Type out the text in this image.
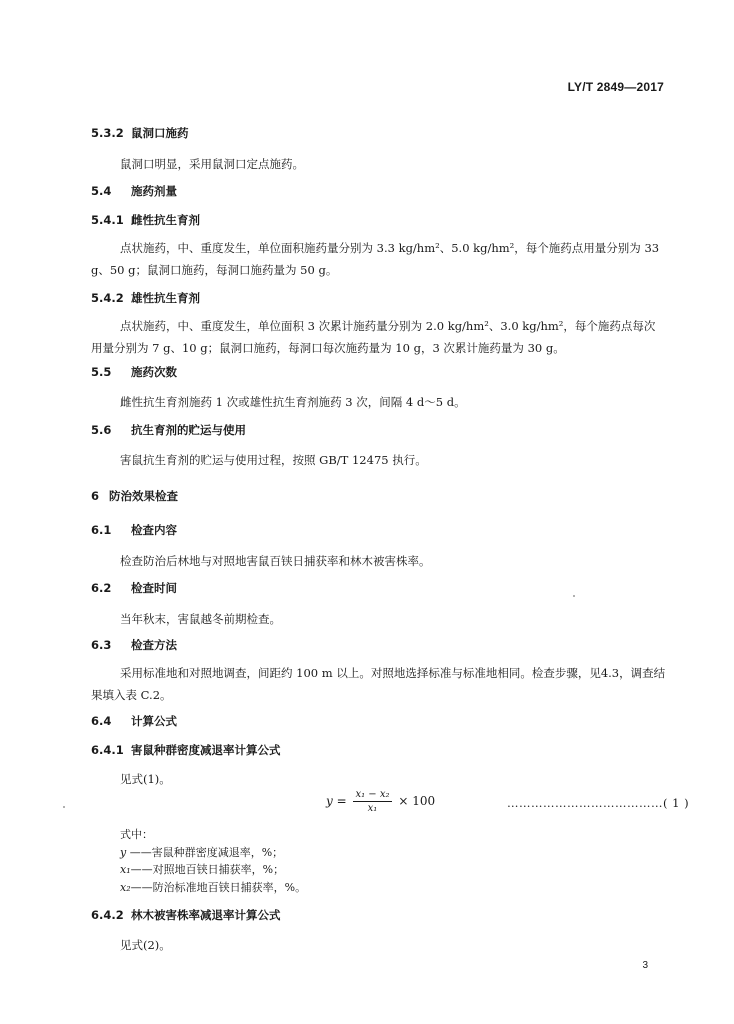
LY/T 2849—2017
5.3.2 鼠洞口施药
鼠洞口明显，采用鼠洞口定点施药。
5.4 施药剂量
5.4.1 雌性抗生育剂
点状施药，中、重度发生，单位面积施药量分别为 3.3 kg/hm²、5.0 kg/hm²，每个施药点用量分别为 33 g、50 g；鼠洞口施药，每洞口施药量为 50 g。
5.4.2 雄性抗生育剂
点状施药，中、重度发生，单位面积 3 次累计施药量分别为 2.0 kg/hm²、3.0 kg/hm²，每个施药点每次用量分别为 7 g、10 g；鼠洞口施药，每洞口每次施药量为 10 g，3 次累计施药量为 30 g。
5.5 施药次数
雌性抗生育剂施药 1 次或雄性抗生育剂施药 3 次，间隔 4 d～5 d。
5.6 抗生育剂的贮运与使用
害鼠抗生育剂的贮运与使用过程，按照 GB/T 12475 执行。
6 防治效果检查
6.1 检查内容
检查防治后林地与对照地害鼠百铗日捕获率和林木被害株率。
6.2 检查时间
当年秋末，害鼠越冬前期检查。
6.3 检查方法
采用标准地和对照地调查，间距约 100 m 以上。对照地选择标准与标准地相同。检查步骤，见4.3，调查结果填入表 C.2。
6.4 计算公式
6.4.1 害鼠种群密度减退率计算公式
见式(1)。
$y = \frac{\text{x₁ − x₂}}{\text{x₁}} \times 100$	…………………………………( 1 )
式中：
y ——害鼠种群密度减退率，%；
x₁——对照地百铗日捕获率，%；
x₂——防治标准地百铗日捕获率，%。
6.4.2 林木被害株率减退率计算公式
见式(2)。
3
